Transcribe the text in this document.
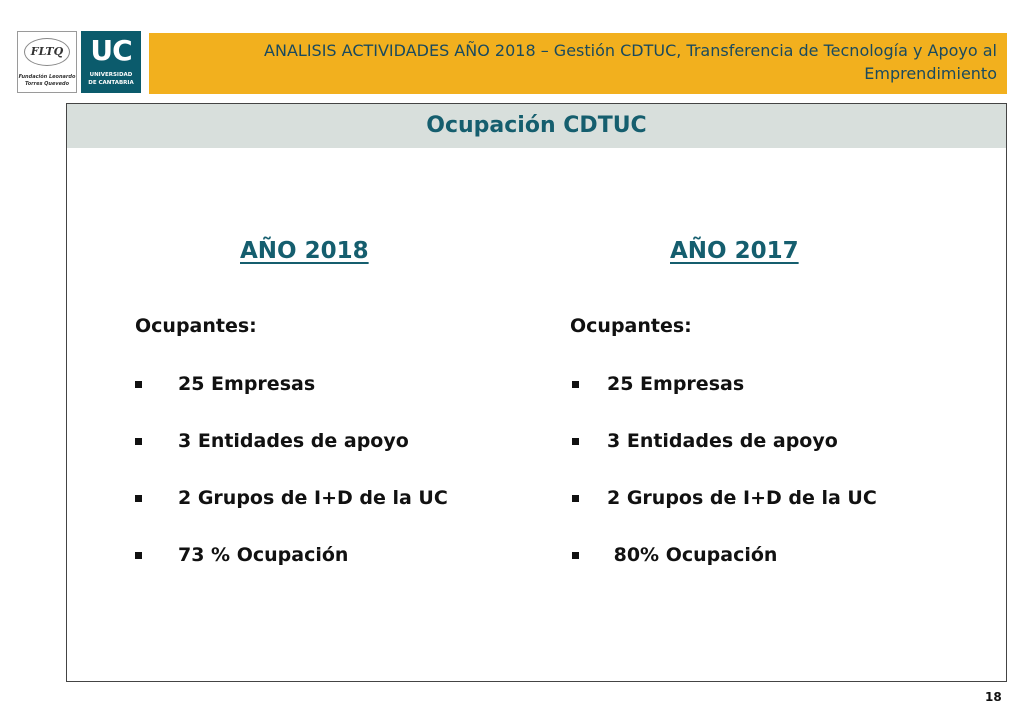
FLTQ
Fundación Leonardo
Torres Quevedo
UC
UNIVERSIDAD
DE CANTABRIA
ANALISIS ACTIVIDADES AÑO 2018 – Gestión CDTUC, Transferencia de Tecnología y Apoyo al Emprendimiento
Ocupación CDTUC
AÑO 2018
Ocupantes:
25 Empresas
3 Entidades de apoyo
2 Grupos de I+D de la UC
73 % Ocupación
AÑO 2017
Ocupantes:
25 Empresas
3 Entidades de apoyo
2 Grupos de I+D de la UC
80% Ocupación
18
